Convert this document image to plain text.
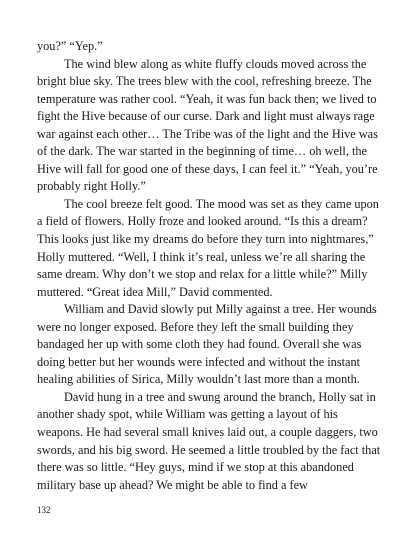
you?” “Yep.”

The wind blew along as white fluffy clouds moved across the bright blue sky. The trees blew with the cool, refreshing breeze. The temperature was rather cool. “Yeah, it was fun back then; we lived to fight the Hive because of our curse. Dark and light must always rage war against each other… The Tribe was of the light and the Hive was of the dark. The war started in the beginning of time… oh well, the Hive will fall for good one of these days, I can feel it.” “Yeah, you’re probably right Holly.”

The cool breeze felt good. The mood was set as they came upon a field of flowers. Holly froze and looked around. “Is this a dream? This looks just like my dreams do before they turn into nightmares,” Holly muttered. “Well, I think it’s real, unless we’re all sharing the same dream. Why don’t we stop and relax for a little while?” Milly muttered. “Great idea Mill,” David commented.

William and David slowly put Milly against a tree. Her wounds were no longer exposed. Before they left the small building they bandaged her up with some cloth they had found. Overall she was doing better but her wounds were infected and without the instant healing abilities of Sirica, Milly wouldn’t last more than a month.

David hung in a tree and swung around the branch, Holly sat in another shady spot, while William was getting a layout of his weapons. He had several small knives laid out, a couple daggers, two swords, and his big sword. He seemed a little troubled by the fact that there was so little. “Hey guys, mind if we stop at this abandoned military base up ahead? We might be able to find a few

132
